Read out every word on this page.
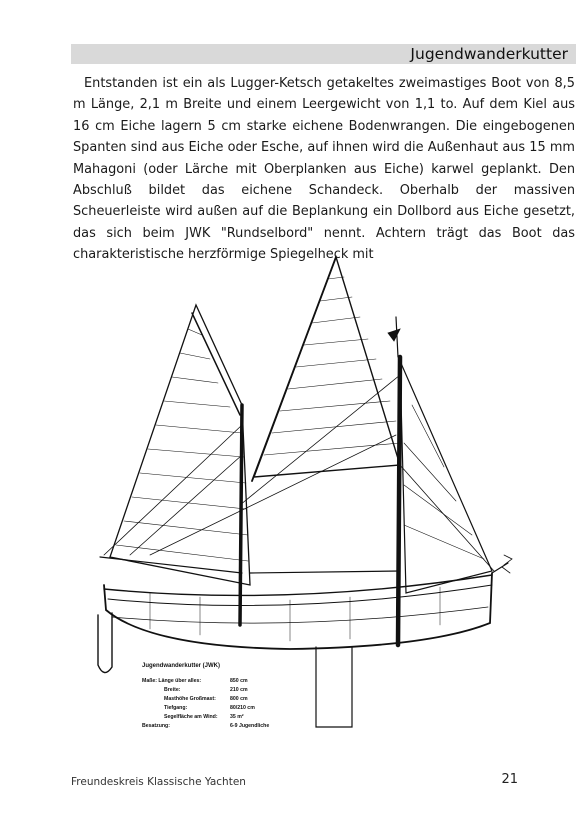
Jugendwanderkutter

Entstanden ist ein als Lugger-Ketsch getakeltes zweimastiges Boot von 8,5 m Länge, 2,1 m Breite und einem Leergewicht von 1,1 to. Auf dem Kiel aus 16 cm Eiche lagern 5 cm starke eichene Bodenwrangen. Die eingebogenen Spanten sind aus Eiche oder Esche, auf ihnen wird die Außenhaut aus 15 mm Mahagoni (oder Lärche mit Oberplanken aus Eiche) karwel geplankt. Den Abschluß bildet das eichene Schandeck. Oberhalb der massiven Scheuerleiste wird außen auf die Beplankung ein Dollbord aus Eiche gesetzt, das sich beim JWK "Rundselbord" nennt. Achtern trägt das Boot das charakteristische herzförmige Spiegelheck mit

Jugendwanderkutter (JWK)
Maße: Länge über alles:	850 cm
Breite:	210 cm
Masthöhe Großmast:	800 cm
Tiefgang:	80/210 cm
Segelfläche am Wind: 35 m²
Besatzung:	6-9 Jugendliche
Freundeskreis Klassische Yachten	21
